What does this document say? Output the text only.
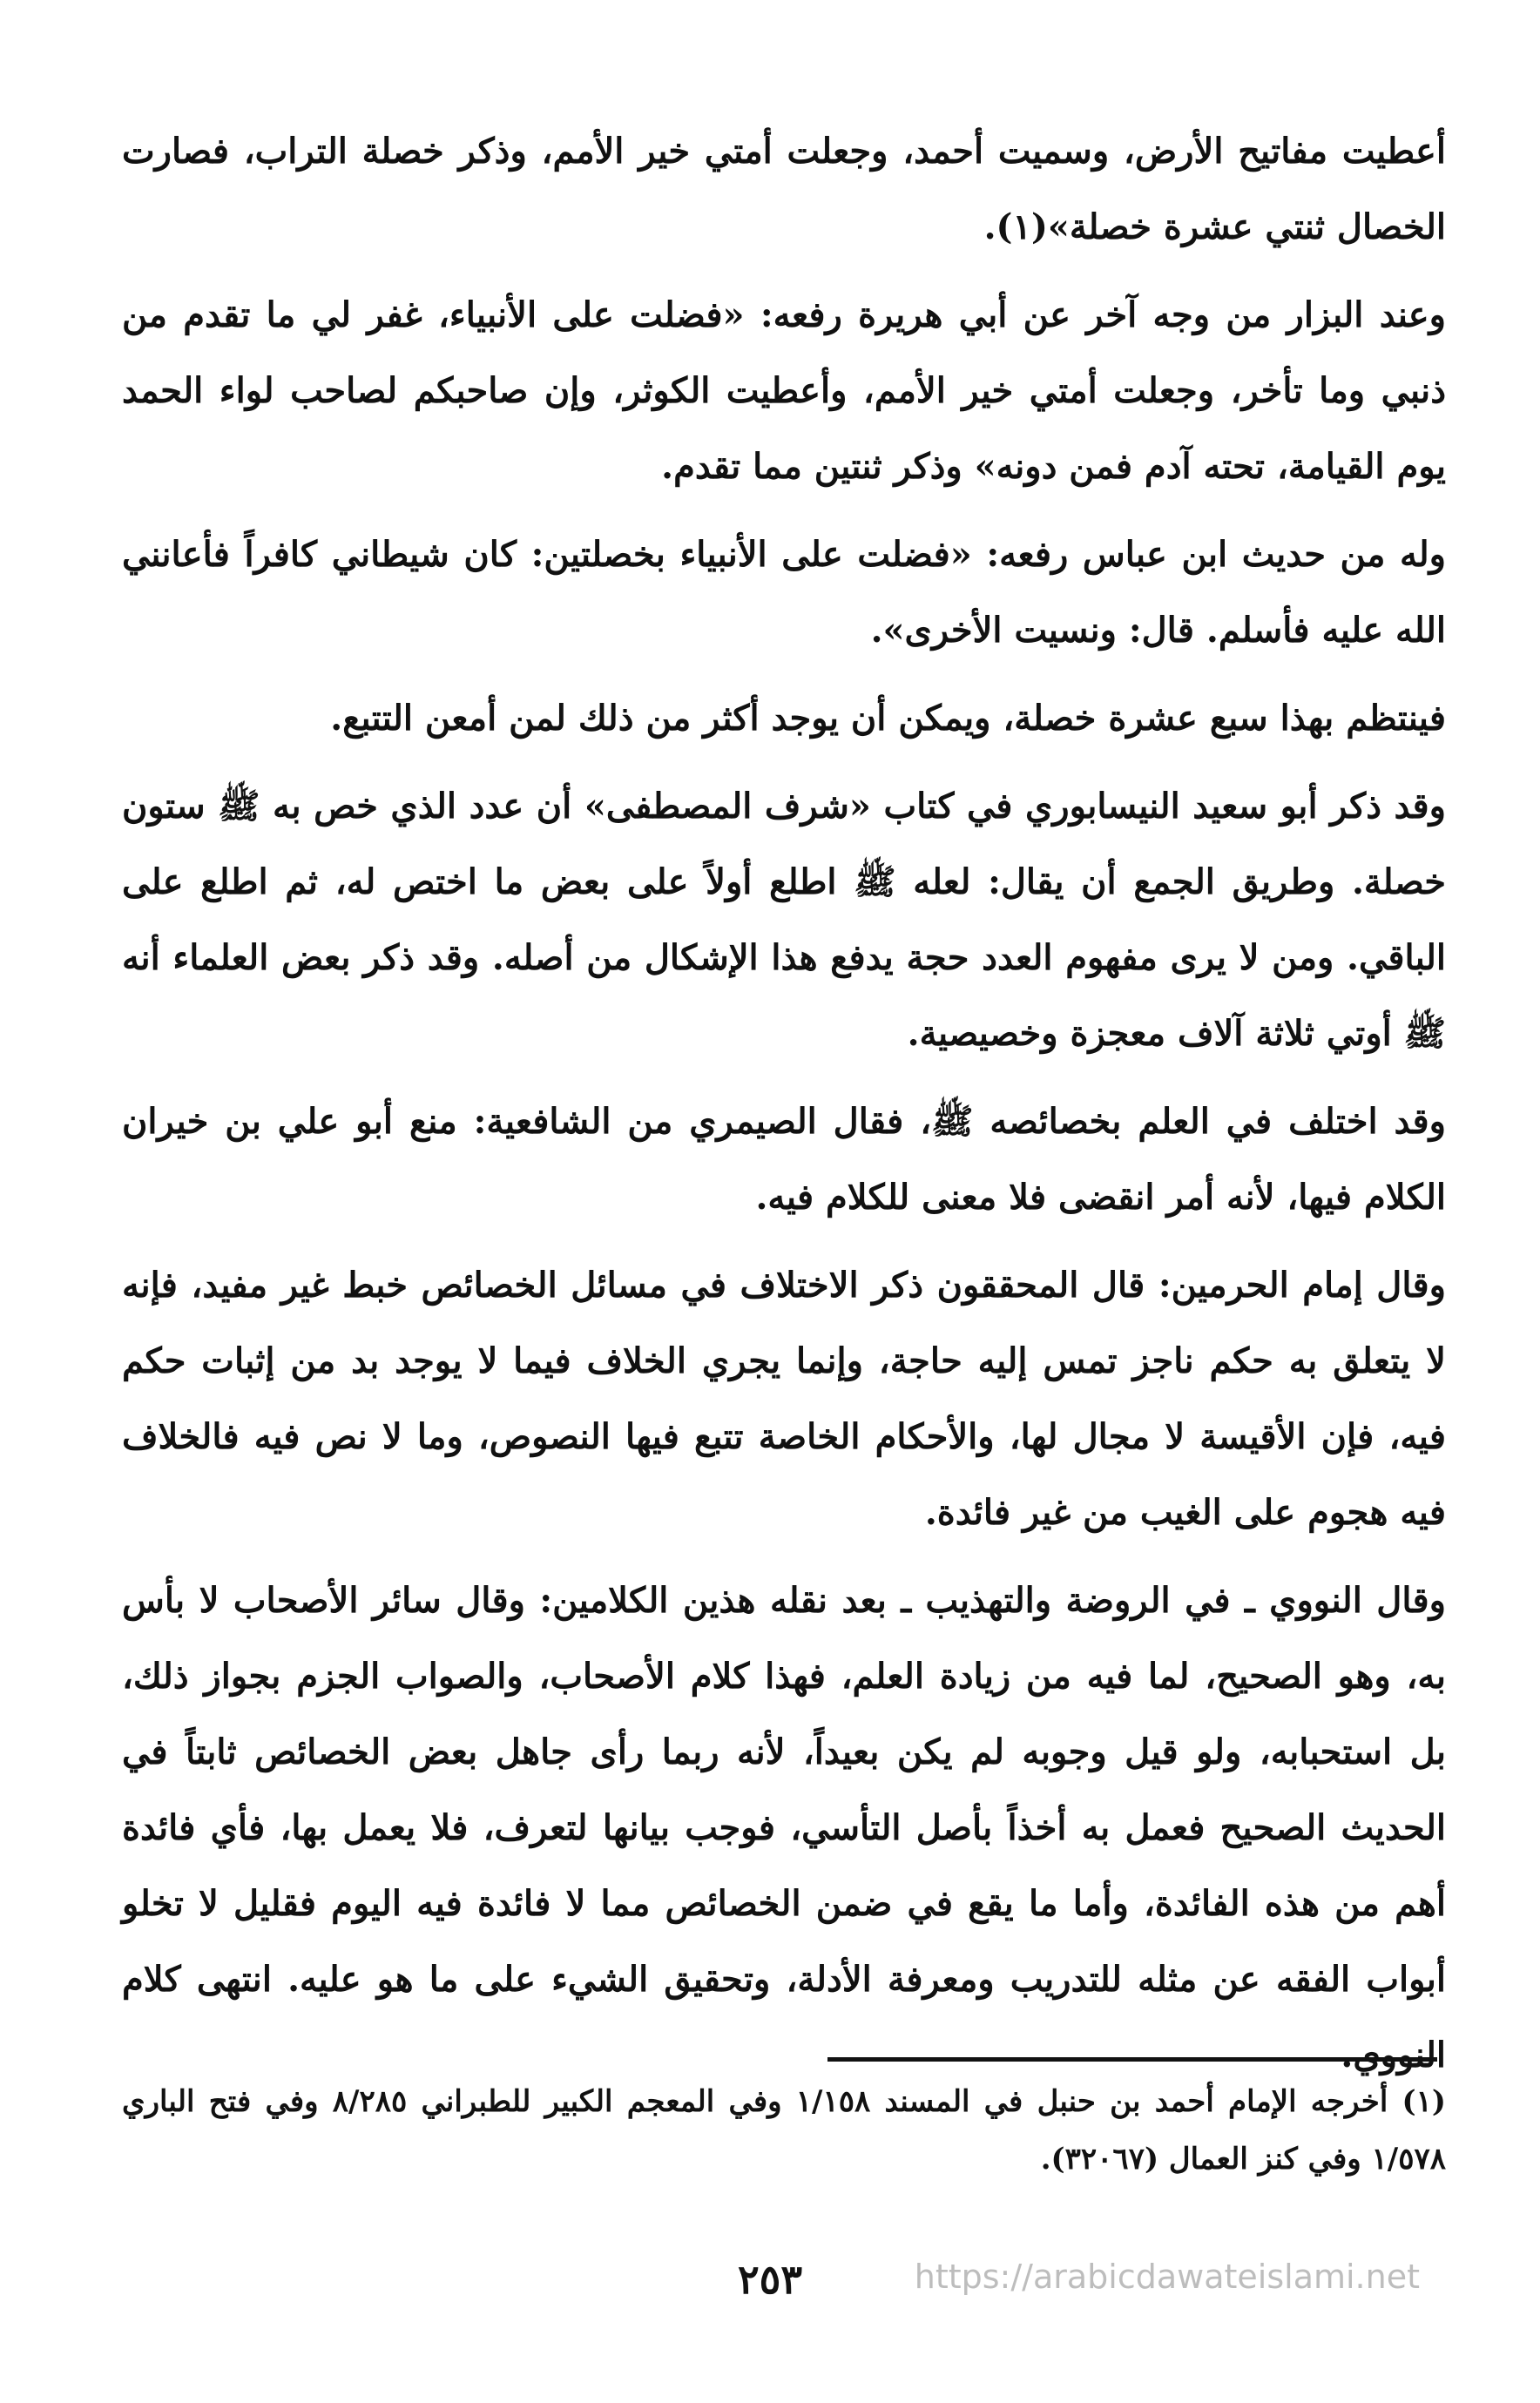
أعطيت مفاتيح الأرض، وسميت أحمد، وجعلت أمتي خير الأمم، وذكر خصلة التراب، فصارت الخصال ثنتي عشرة خصلة»(١).

وعند البزار من وجه آخر عن أبي هريرة رفعه: «فضلت على الأنبياء، غفر لي ما تقدم من ذنبي وما تأخر، وجعلت أمتي خير الأمم، وأعطيت الكوثر، وإن صاحبكم لصاحب لواء الحمد يوم القيامة، تحته آدم فمن دونه» وذكر ثنتين مما تقدم.

وله من حديث ابن عباس رفعه: «فضلت على الأنبياء بخصلتين: كان شيطاني كافراً فأعانني الله عليه فأسلم. قال: ونسيت الأخرى».

فينتظم بهذا سبع عشرة خصلة، ويمكن أن يوجد أكثر من ذلك لمن أمعن التتبع.

وقد ذكر أبو سعيد النيسابوري في كتاب «شرف المصطفى» أن عدد الذي خص به ﷺ ستون خصلة. وطريق الجمع أن يقال: لعله ﷺ اطلع أولاً على بعض ما اختص له، ثم اطلع على الباقي. ومن لا يرى مفهوم العدد حجة يدفع هذا الإشكال من أصله. وقد ذكر بعض العلماء أنه ﷺ أوتي ثلاثة آلاف معجزة وخصيصية.

وقد اختلف في العلم بخصائصه ﷺ، فقال الصيمري من الشافعية: منع أبو علي بن خيران الكلام فيها، لأنه أمر انقضى فلا معنى للكلام فيه.

وقال إمام الحرمين: قال المحققون ذكر الاختلاف في مسائل الخصائص خبط غير مفيد، فإنه لا يتعلق به حكم ناجز تمس إليه حاجة، وإنما يجري الخلاف فيما لا يوجد بد من إثبات حكم فيه، فإن الأقيسة لا مجال لها، والأحكام الخاصة تتبع فيها النصوص، وما لا نص فيه فالخلاف فيه هجوم على الغيب من غير فائدة.

وقال النووي ـ في الروضة والتهذيب ـ بعد نقله هذين الكلامين: وقال سائر الأصحاب لا بأس به، وهو الصحيح، لما فيه من زيادة العلم، فهذا كلام الأصحاب، والصواب الجزم بجواز ذلك، بل استحبابه، ولو قيل وجوبه لم يكن بعيداً، لأنه ربما رأى جاهل بعض الخصائص ثابتاً في الحديث الصحيح فعمل به أخذاً بأصل التأسي، فوجب بيانها لتعرف، فلا يعمل بها، فأي فائدة أهم من هذه الفائدة، وأما ما يقع في ضمن الخصائص مما لا فائدة فيه اليوم فقليل لا تخلو أبواب الفقه عن مثله للتدريب ومعرفة الأدلة، وتحقيق الشيء على ما هو عليه. انتهى كلام النووي.

(١) أخرجه الإمام أحمد بن حنبل في المسند ١/١٥٨ وفي المعجم الكبير للطبراني ٨/٢٨٥ وفي فتح الباري ١/٥٧٨ وفي كنز العمال (٣٢٠٦٧).

٢٥٣	https://arabicdawateislami.net
